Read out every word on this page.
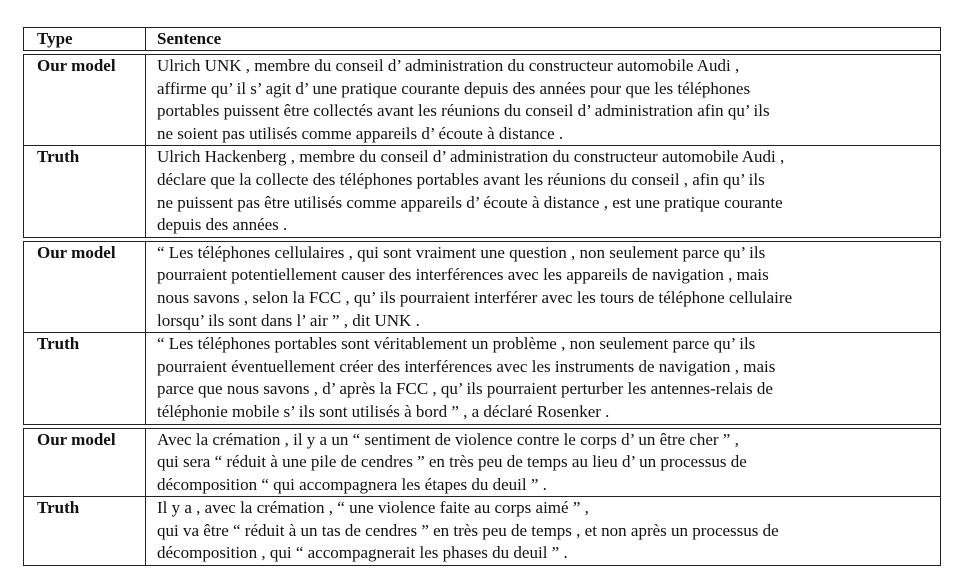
Type	Sentence
Our model	Ulrich UNK , membre du conseil d’ administration du constructeur automobile Audi ,
affirme qu’ il s’ agit d’ une pratique courante depuis des années pour que les téléphones
portables puissent être collectés avant les réunions du conseil d’ administration afin qu’ ils
ne soient pas utilisés comme appareils d’ écoute à distance .
Truth	Ulrich Hackenberg , membre du conseil d’ administration du constructeur automobile Audi ,
déclare que la collecte des téléphones portables avant les réunions du conseil , afin qu’ ils
ne puissent pas être utilisés comme appareils d’ écoute à distance , est une pratique courante
depuis des années .
Our model	“ Les téléphones cellulaires , qui sont vraiment une question , non seulement parce qu’ ils
pourraient potentiellement causer des interférences avec les appareils de navigation , mais
nous savons , selon la FCC , qu’ ils pourraient interférer avec les tours de téléphone cellulaire
lorsqu’ ils sont dans l’ air ” , dit UNK .
Truth	“ Les téléphones portables sont véritablement un problème , non seulement parce qu’ ils
pourraient éventuellement créer des interférences avec les instruments de navigation , mais
parce que nous savons , d’ après la FCC , qu’ ils pourraient perturber les antennes-relais de
téléphonie mobile s’ ils sont utilisés à bord ” , a déclaré Rosenker .
Our model	Avec la crémation , il y a un “ sentiment de violence contre le corps d’ un être cher ” ,
qui sera “ réduit à une pile de cendres ” en très peu de temps au lieu d’ un processus de
décomposition “ qui accompagnera les étapes du deuil ” .
Truth	Il y a , avec la crémation , “ une violence faite au corps aimé ” ,
qui va être “ réduit à un tas de cendres ” en très peu de temps , et non après un processus de
décomposition , qui “ accompagnerait les phases du deuil ” .
